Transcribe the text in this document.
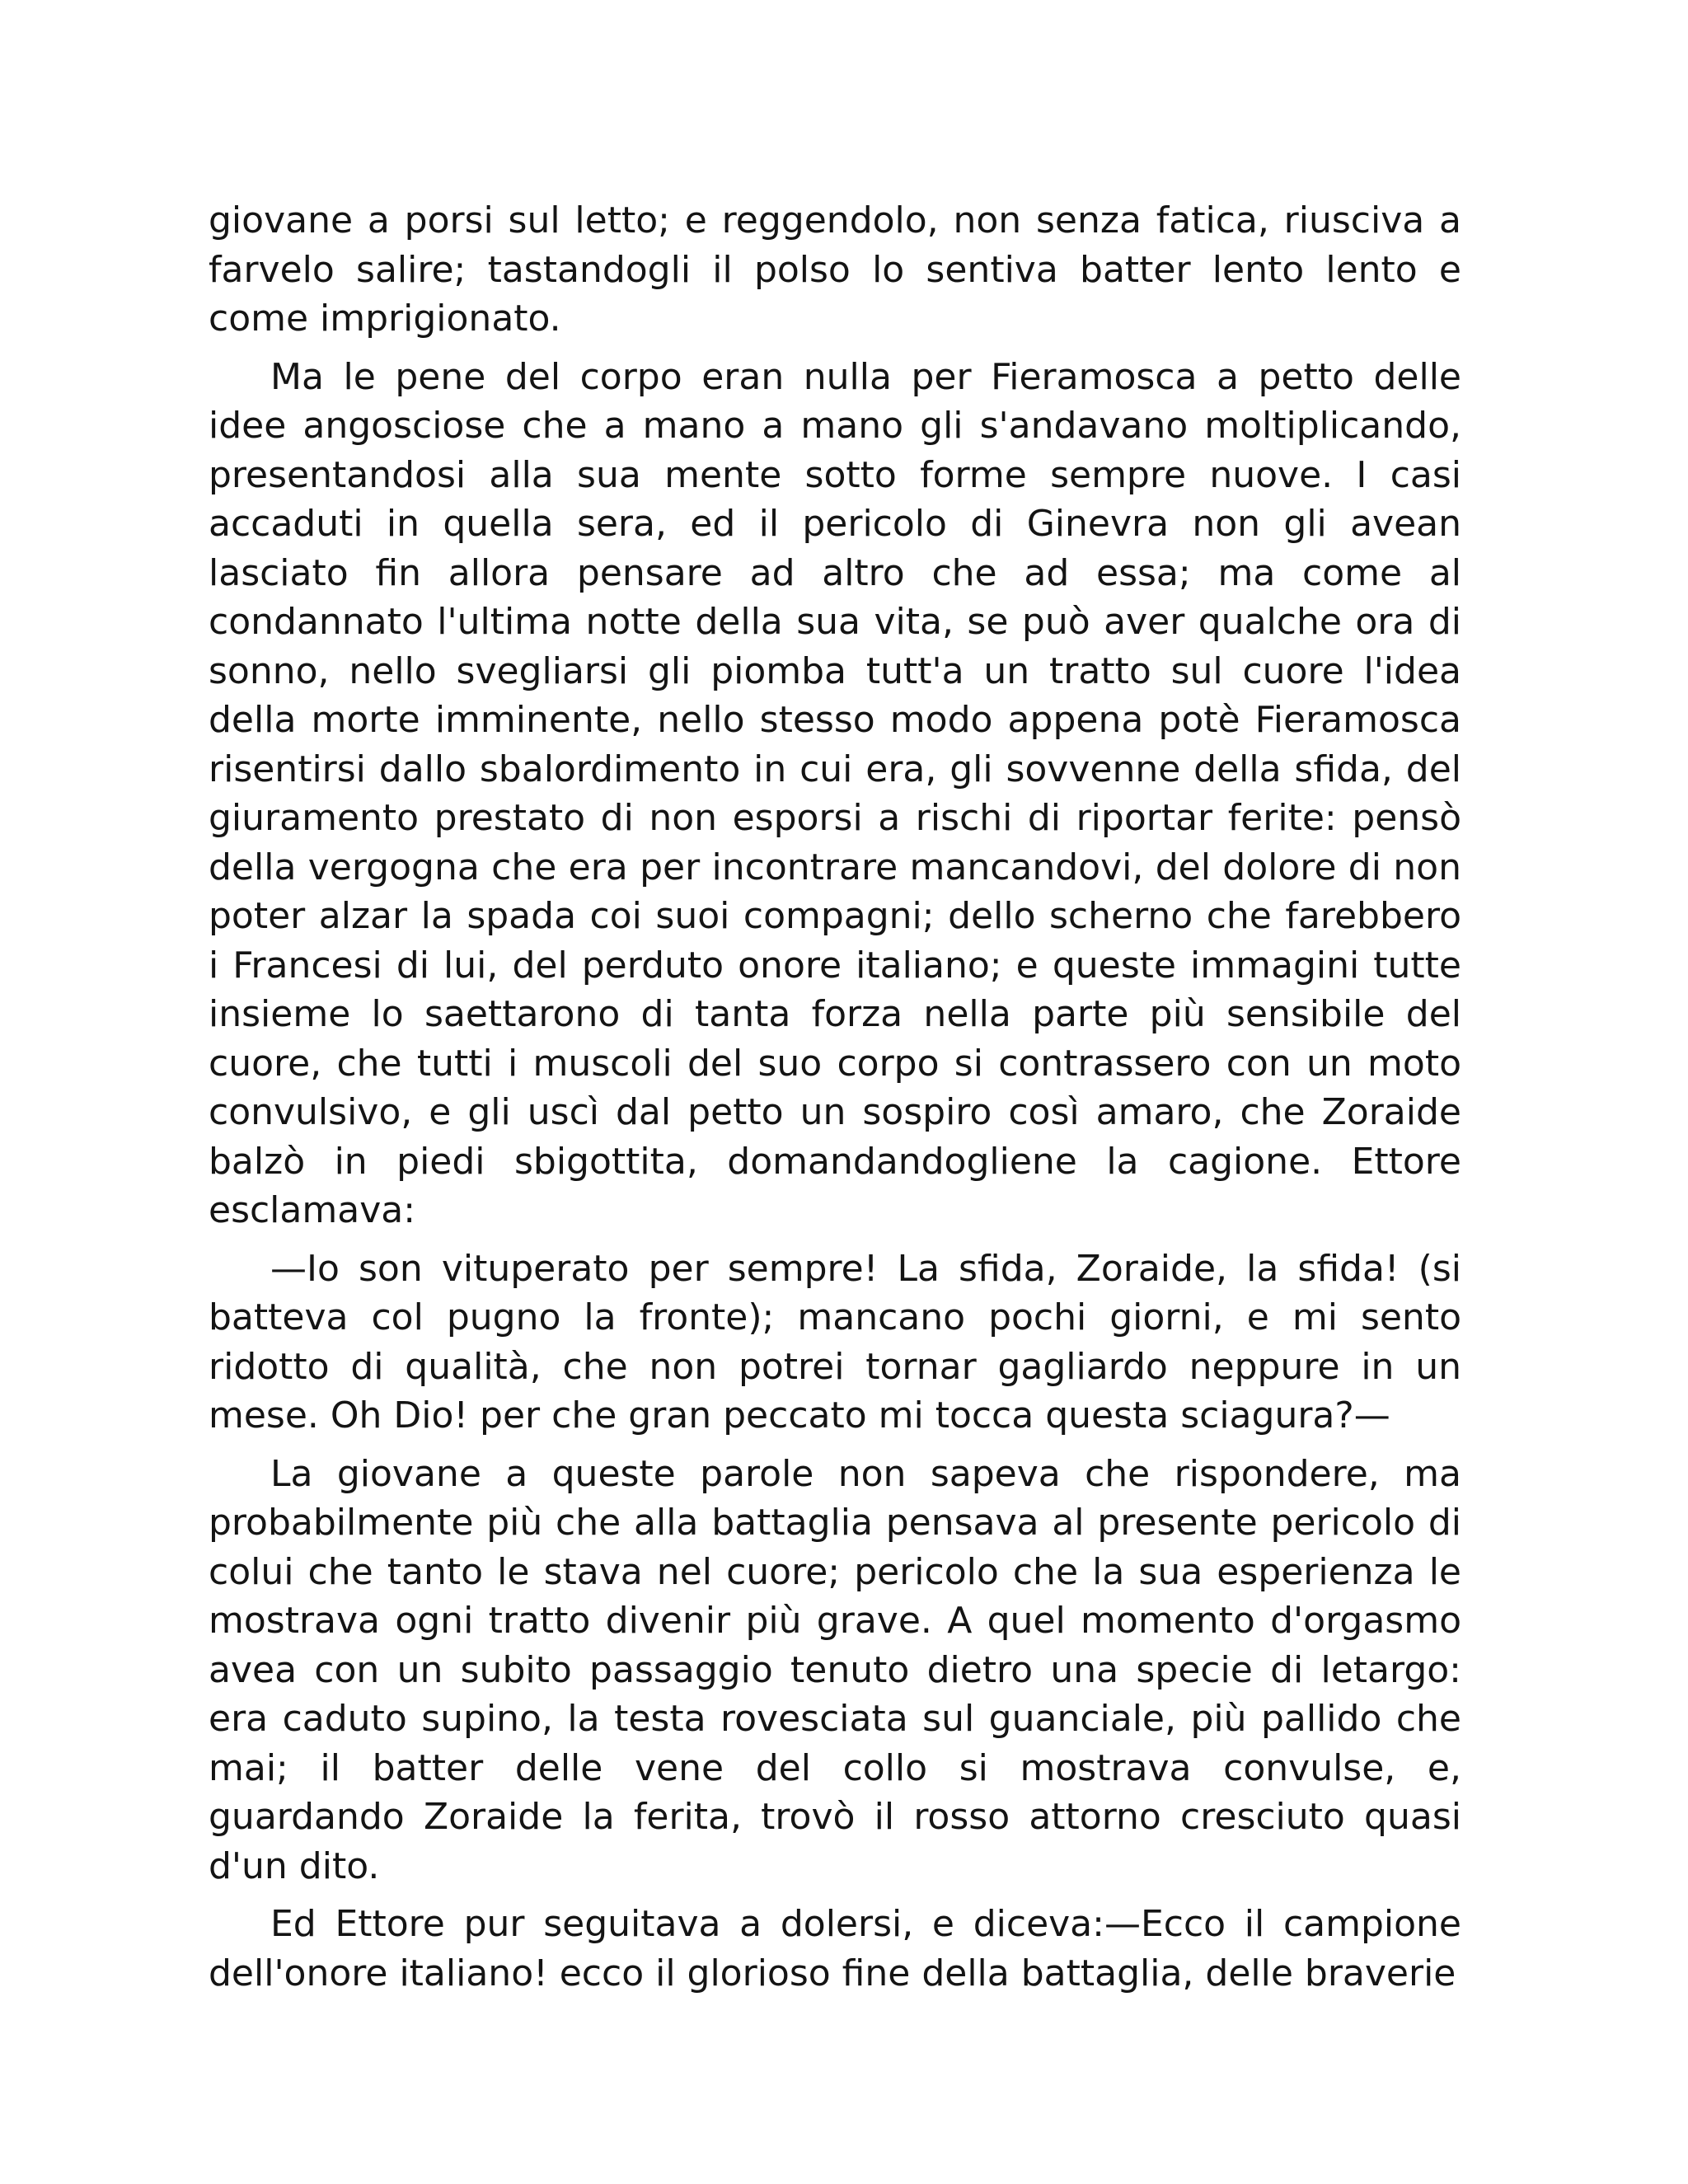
giovane a porsi sul letto; e reggendolo, non senza fatica, riusciva a farvelo salire; tastandogli il polso lo sentiva batter lento lento e come imprigionato.

Ma le pene del corpo eran nulla per Fieramosca a petto delle idee angosciose che a mano a mano gli s'andavano moltiplicando, presentandosi alla sua mente sotto forme sempre nuove. I casi accaduti in quella sera, ed il pericolo di Ginevra non gli avean lasciato fin allora pensare ad altro che ad essa; ma come al condannato l'ultima notte della sua vita, se può aver qualche ora di sonno, nello svegliarsi gli piomba tutt'a un tratto sul cuore l'idea della morte imminente, nello stesso modo appena potè Fieramosca risentirsi dallo sbalordimento in cui era, gli sovvenne della sfida, del giuramento prestato di non esporsi a rischi di riportar ferite: pensò della vergogna che era per incontrare mancandovi, del dolore di non poter alzar la spada coi suoi compagni; dello scherno che farebbero i Francesi di lui, del perduto onore italiano; e queste immagini tutte insieme lo saettarono di tanta forza nella parte più sensibile del cuore, che tutti i muscoli del suo corpo si contrassero con un moto convulsivo, e gli uscì dal petto un sospiro così amaro, che Zoraide balzò in piedi sbigottita, domandandogliene la cagione. Ettore esclamava:

—Io son vituperato per sempre! La sfida, Zoraide, la sfida! (si batteva col pugno la fronte); mancano pochi giorni, e mi sento ridotto di qualità, che non potrei tornar gagliardo neppure in un mese. Oh Dio! per che gran peccato mi tocca questa sciagura?—

La giovane a queste parole non sapeva che rispondere, ma probabilmente più che alla battaglia pensava al presente pericolo di colui che tanto le stava nel cuore; pericolo che la sua esperienza le mostrava ogni tratto divenir più grave. A quel momento d'orgasmo avea con un subito passaggio tenuto dietro una specie di letargo: era caduto supino, la testa rovesciata sul guanciale, più pallido che mai; il batter delle vene del collo si mostrava convulse, e, guardando Zoraide la ferita, trovò il rosso attorno cresciuto quasi d'un dito.

Ed Ettore pur seguitava a dolersi, e diceva:—Ecco il campione dell'onore italiano! ecco il glorioso fine della battaglia, delle braverie
